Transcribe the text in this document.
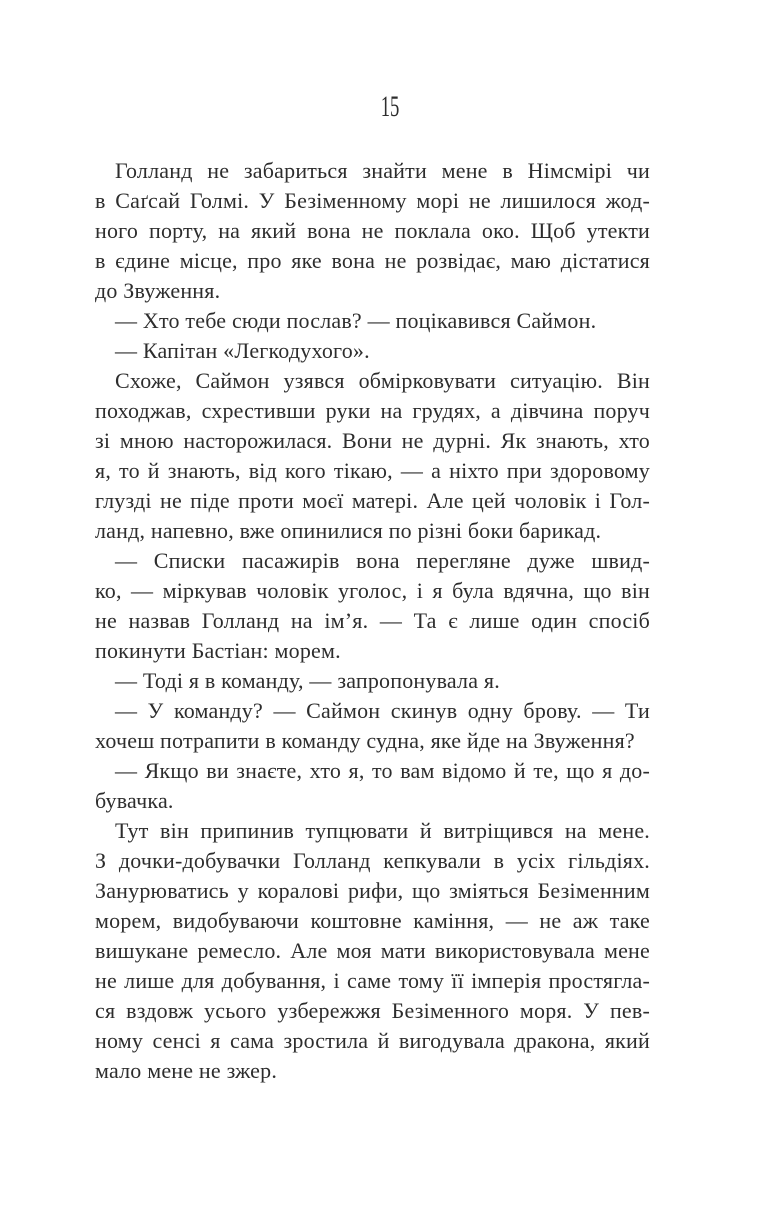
15
Голланд не забариться знайти мене в Німсмірі чи
в Саґсай Голмі. У Безіменному морі не лишилося жод-
ного порту, на який вона не поклала око. Щоб утекти
в єдине місце, про яке вона не розвідає, маю дістатися
до Звуження.
— Хто тебе сюди послав? — поцікавився Саймон.
— Капітан «Легкодухого».
Схоже, Саймон узявся обмірковувати ситуацію. Він
походжав, схрестивши руки на грудях, а дівчина поруч
зі мною насторожилася. Вони не дурні. Як знають, хто
я, то й знають, від кого тікаю, — а ніхто при здоровому
глузді не піде проти моєї матері. Але цей чоловік і Гол-
ланд, напевно, вже опинилися по різні боки барикад.
— Списки пасажирів вона перегляне дуже швид-
ко, — міркував чоловік уголос, і я була вдячна, що він
не назвав Голланд на ім’я. — Та є лише один спосіб
покинути Бастіан: морем.
— Тоді я в команду, — запропонувала я.
— У команду? — Саймон скинув одну брову. — Ти
хочеш потрапити в команду судна, яке йде на Звуження?
— Якщо ви знаєте, хто я, то вам відомо й те, що я до-
бувачка.
Тут він припинив тупцювати й витріщився на мене.
З дочки-добувачки Голланд кепкували в усіх гільдіях.
Занурюватись у коралові рифи, що зміяться Безіменним
морем, видобуваючи коштовне каміння, — не аж таке
вишукане ремесло. Але моя мати використовувала мене
не лише для добування, і саме тому її імперія простягла-
ся вздовж усього узбережжя Безіменного моря. У пев-
ному сенсі я сама зростила й вигодувала дракона, який
мало мене не зжер.
